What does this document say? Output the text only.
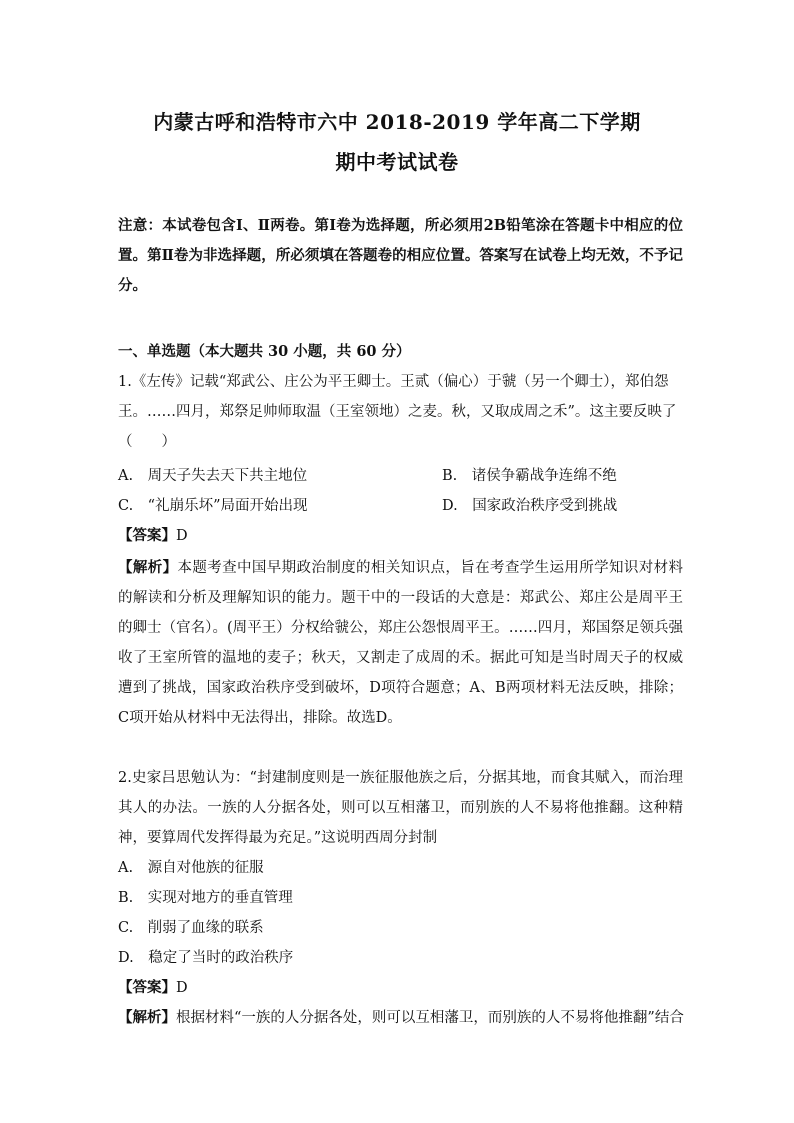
内蒙古呼和浩特市六中 2018-2019 学年高二下学期
期中考试试卷
注意：本试卷包含Ⅰ、Ⅱ两卷。第Ⅰ卷为选择题，所必须用2B铅笔涂在答题卡中相应的位置。第Ⅱ卷为非选择题，所必须填在答题卷的相应位置。答案写在试卷上均无效，不予记分。
一、单选题（本大题共 30 小题，共 60 分）
1.《左传》记载“郑武公、庄公为平王卿士。王贰（偏心）于虢（另一个卿士），郑伯怨
王。……四月，郑祭足帅师取温（王室领地）之麦。秋，又取成周之禾”。这主要反映了
（　　）
A.　周天子失去天下共主地位	B.　诸侯争霸战争连绵不绝
C.　“礼崩乐坏”局面开始出现	D.　国家政治秩序受到挑战
【答案】D
【解析】本题考查中国早期政治制度的相关知识点，旨在考查学生运用所学知识对材料的解读和分析及理解知识的能力。题干中的一段话的大意是：郑武公、郑庄公是周平王的卿士（官名）。(周平王）分权给虢公，郑庄公怨恨周平王。……四月，郑国祭足领兵强收了王室所管的温地的麦子；秋天，又割走了成周的禾。据此可知是当时周天子的权威遭到了挑战，国家政治秩序受到破坏，D项符合题意；A、B两项材料无法反映，排除；C项开始从材料中无法得出，排除。故选D。
2.史家吕思勉认为：“封建制度则是一族征服他族之后，分据其地，而食其赋入，而治理其人的办法。一族的人分据各处，则可以互相藩卫，而别族的人不易将他推翻。这种精神，要算周代发挥得最为充足。”这说明西周分封制
A.　源自对他族的征服
B.　实现对地方的垂直管理
C.　削弱了血缘的联系
D.　稳定了当时的政治秩序
【答案】D
【解析】根据材料“一族的人分据各处，则可以互相藩卫，而别族的人不易将他推翻”结合
